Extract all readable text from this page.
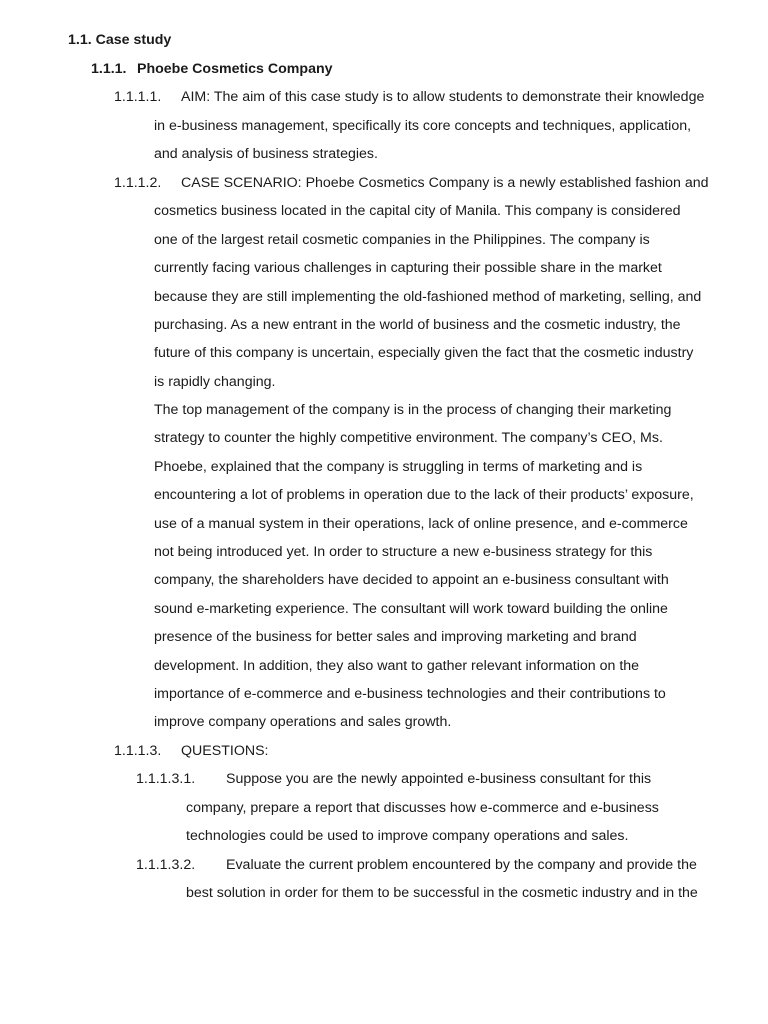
1.1. Case study
1.1.1. Phoebe Cosmetics Company
1.1.1.1. AIM: The aim of this case study is to allow students to demonstrate their knowledge
in e-business management, specifically its core concepts and techniques, application,
and analysis of business strategies.
1.1.1.2. CASE SCENARIO: Phoebe Cosmetics Company is a newly established fashion and
cosmetics business located in the capital city of Manila. This company is considered
one of the largest retail cosmetic companies in the Philippines. The company is
currently facing various challenges in capturing their possible share in the market
because they are still implementing the old-fashioned method of marketing, selling, and
purchasing. As a new entrant in the world of business and the cosmetic industry, the
future of this company is uncertain, especially given the fact that the cosmetic industry
is rapidly changing.
The top management of the company is in the process of changing their marketing
strategy to counter the highly competitive environment. The company’s CEO, Ms.
Phoebe, explained that the company is struggling in terms of marketing and is
encountering a lot of problems in operation due to the lack of their products’ exposure,
use of a manual system in their operations, lack of online presence, and e-commerce
not being introduced yet. In order to structure a new e-business strategy for this
company, the shareholders have decided to appoint an e-business consultant with
sound e-marketing experience. The consultant will work toward building the online
presence of the business for better sales and improving marketing and brand
development. In addition, they also want to gather relevant information on the
importance of e-commerce and e-business technologies and their contributions to
improve company operations and sales growth.
1.1.1.3. QUESTIONS:
1.1.1.3.1. Suppose you are the newly appointed e-business consultant for this
company, prepare a report that discusses how e-commerce and e-business
technologies could be used to improve company operations and sales.
1.1.1.3.2. Evaluate the current problem encountered by the company and provide the
best solution in order for them to be successful in the cosmetic industry and in the
